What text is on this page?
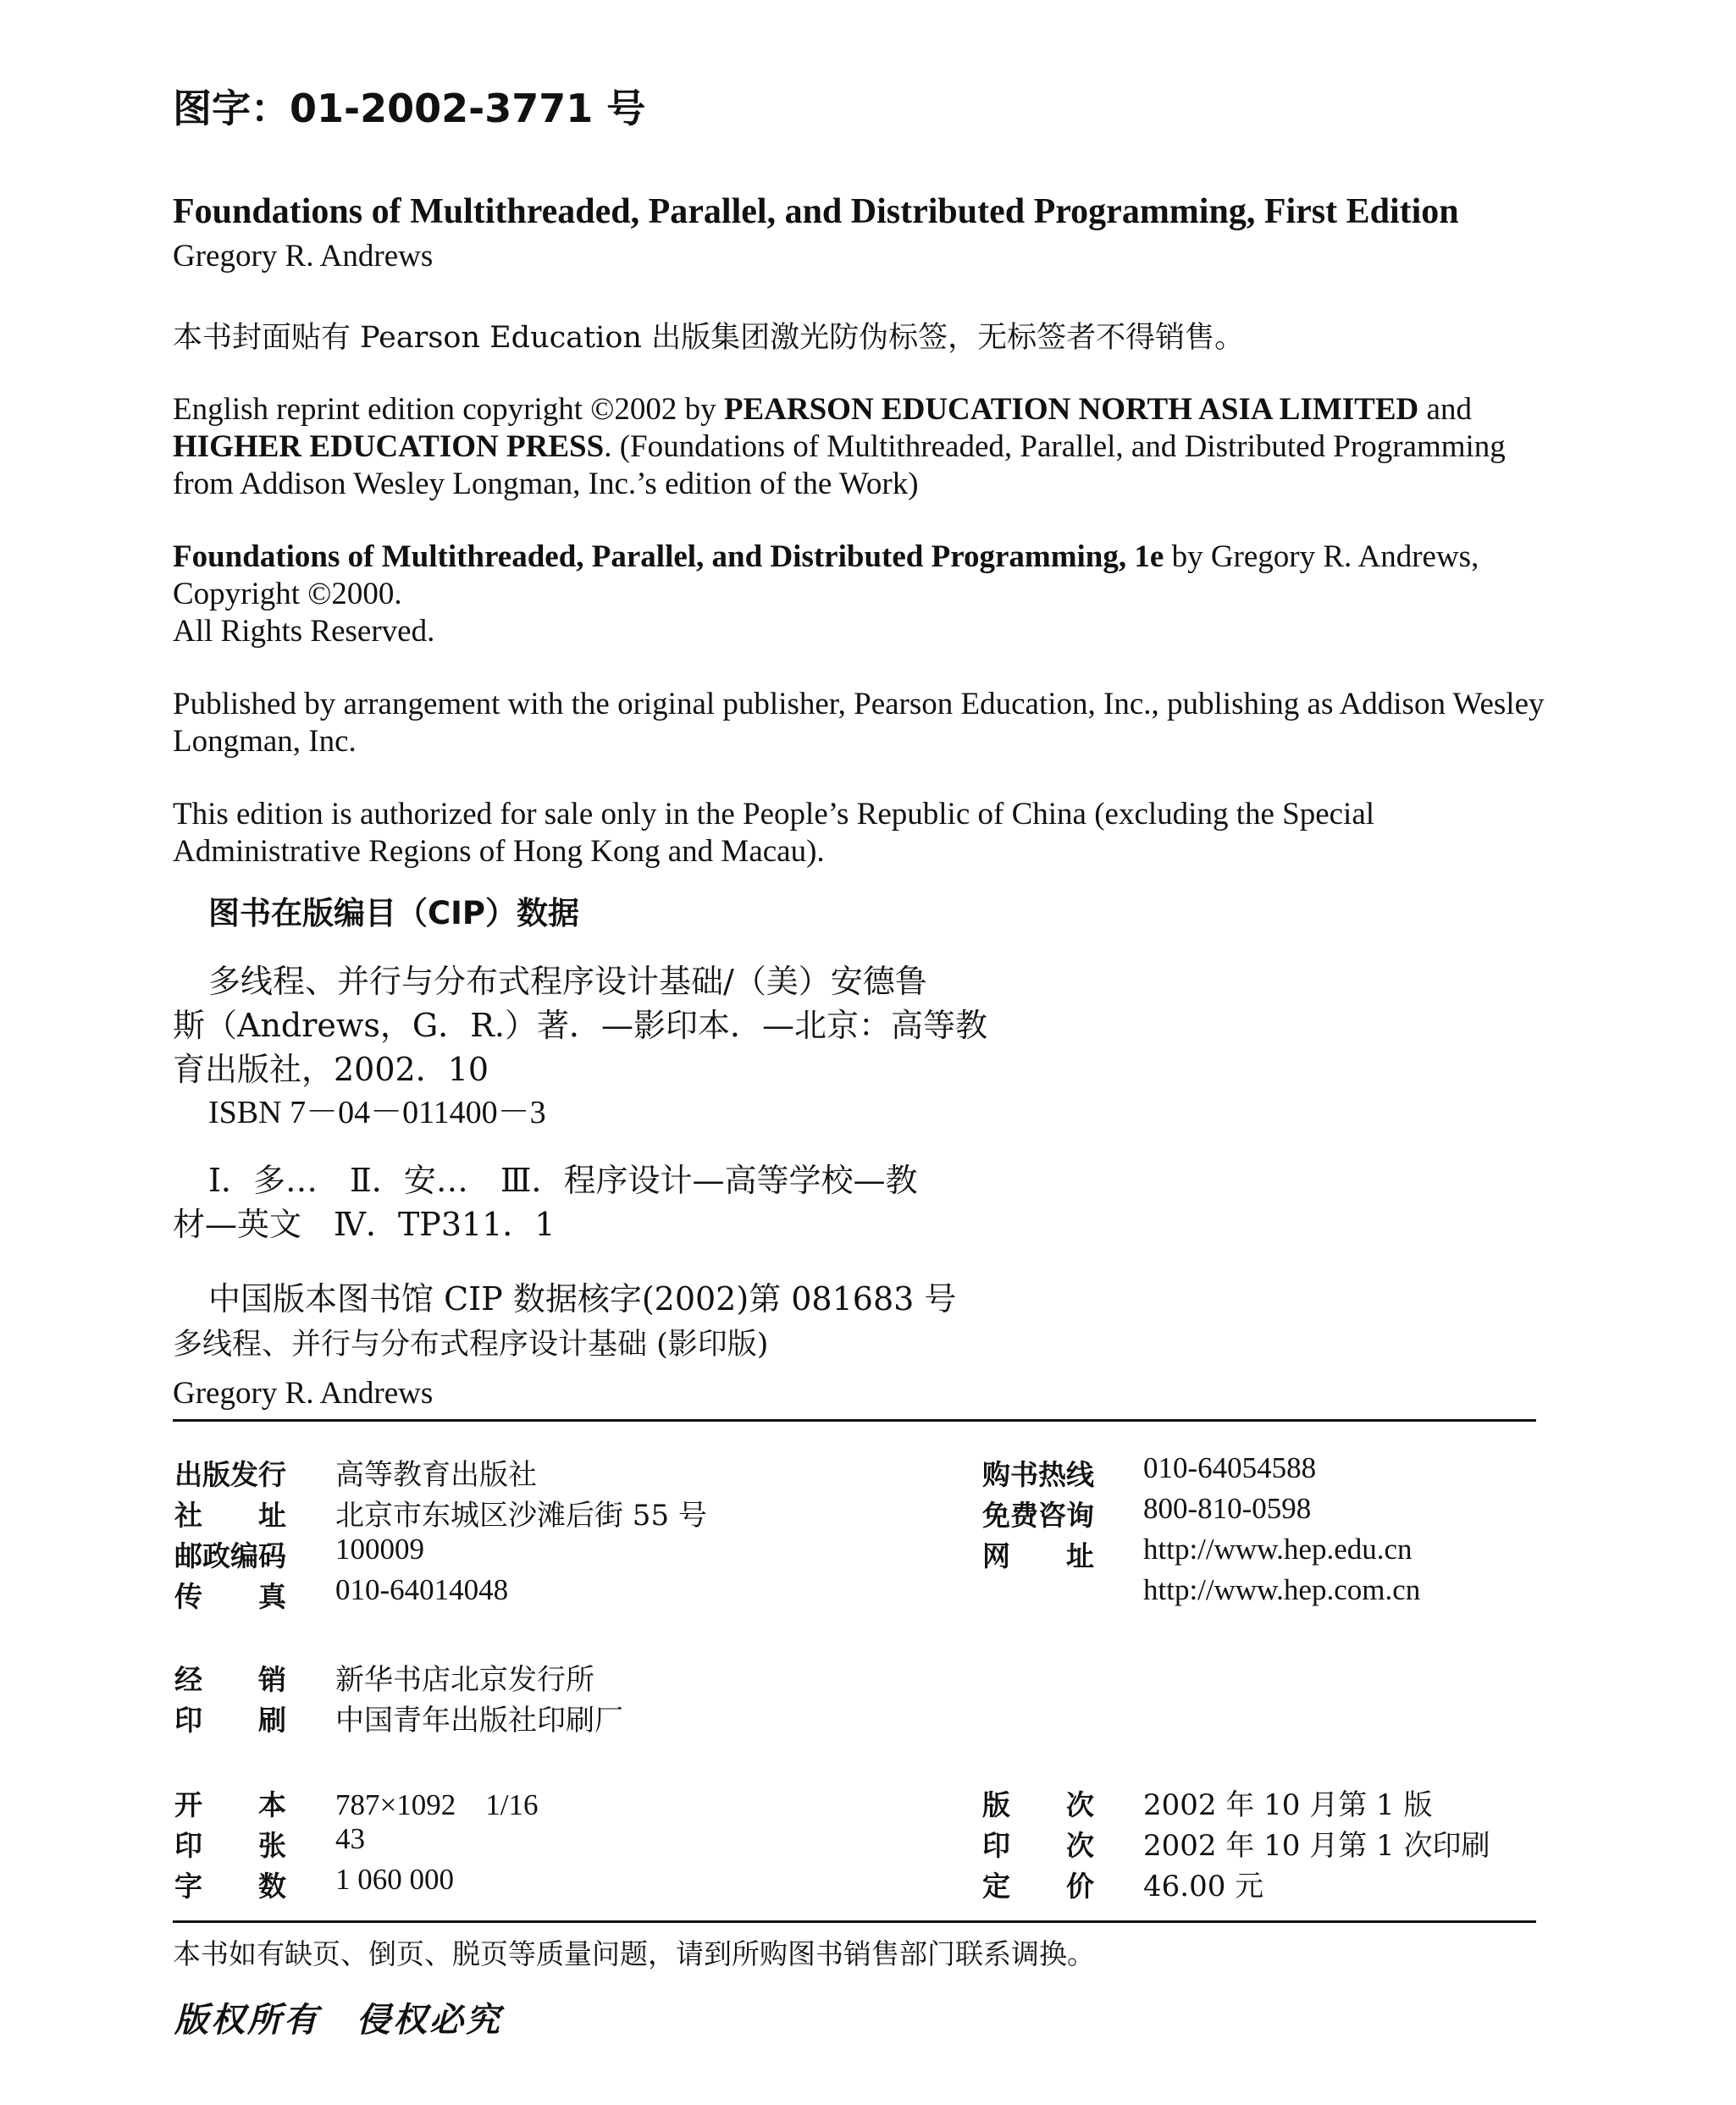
图字：01-2002-3771 号
Foundations of Multithreaded, Parallel, and Distributed Programming, First Edition
Gregory R. Andrews
本书封面贴有 Pearson Education 出版集团激光防伪标签，无标签者不得销售。
English reprint edition copyright ©2002 by PEARSON EDUCATION NORTH ASIA LIMITED and
HIGHER EDUCATION PRESS. (Foundations of Multithreaded, Parallel, and Distributed Programming
from Addison Wesley Longman, Inc.’s edition of the Work)
Foundations of Multithreaded, Parallel, and Distributed Programming, 1e by Gregory R. Andrews,
Copyright ©2000.
All Rights Reserved.
Published by arrangement with the original publisher, Pearson Education, Inc., publishing as Addison Wesley
Longman, Inc.
This edition is authorized for sale only in the People’s Republic of China (excluding the Special
Administrative Regions of Hong Kong and Macau).
图书在版编目（CIP）数据
多线程、并行与分布式程序设计基础/（美）安德鲁
斯（Andrews，G．R.）著．—影印本．—北京：高等教
育出版社，2002．10
ISBN 7－04－011400－3
Ⅰ．多…　Ⅱ．安…　Ⅲ．程序设计—高等学校—教
材—英文　Ⅳ．TP311．1
中国版本图书馆 CIP 数据核字(2002)第 081683 号
多线程、并行与分布式程序设计基础 (影印版)
Gregory R. Andrews
出版发行 高等教育出版社
社　　址 北京市东城区沙滩后街 55 号
邮政编码 100009
传　　真 010-64014048
购书热线 010-64054588
免费咨询 800-810-0598
网　　址 http://www.hep.edu.cn
http://www.hep.com.cn
经　　销 新华书店北京发行所
印　　刷 中国青年出版社印刷厂
开　　本 787×1092　1/16
印　　张 43
字　　数 1 060 000
版　　次 2002 年 10 月第 1 版
印　　次 2002 年 10 月第 1 次印刷
定　　价 46.00 元
本书如有缺页、倒页、脱页等质量问题，请到所购图书销售部门联系调换。
版权所有　侵权必究
